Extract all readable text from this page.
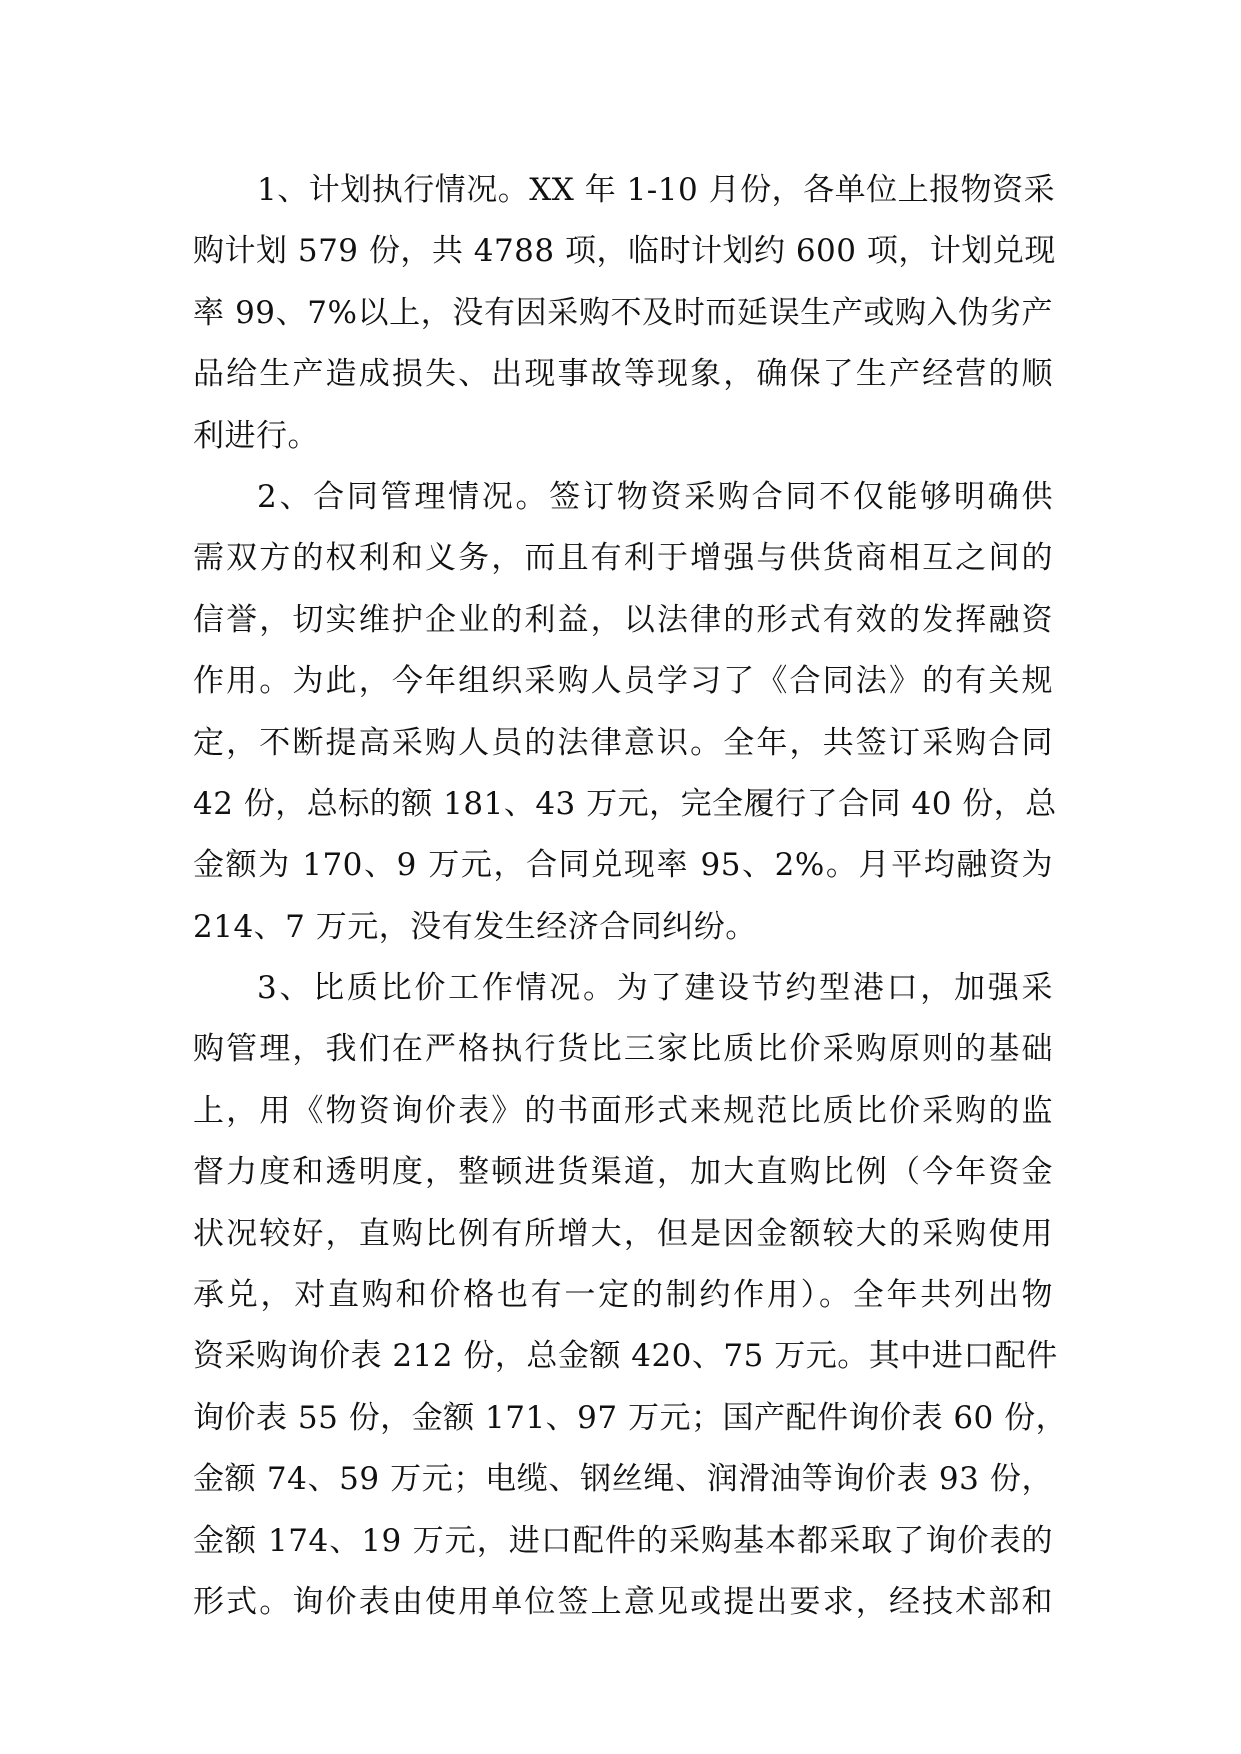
1、计划执行情况。XX 年 1-10 月份，各单位上报物资采
购计划 579 份，共 4788 项，临时计划约 600 项，计划兑现
率 99、7%以上，没有因采购不及时而延误生产或购入伪劣产
品给生产造成损失、出现事故等现象，确保了生产经营的顺
利进行。
2、合同管理情况。签订物资采购合同不仅能够明确供
需双方的权利和义务，而且有利于增强与供货商相互之间的
信誉，切实维护企业的利益，以法律的形式有效的发挥融资
作用。为此，今年组织采购人员学习了《合同法》的有关规
定，不断提高采购人员的法律意识。全年，共签订采购合同
42 份，总标的额 181、43 万元，完全履行了合同 40 份，总
金额为 170、9 万元，合同兑现率 95、2%。月平均融资为
214、7 万元，没有发生经济合同纠纷。
3、比质比价工作情况。为了建设节约型港口，加强采
购管理，我们在严格执行货比三家比质比价采购原则的基础
上，用《物资询价表》的书面形式来规范比质比价采购的监
督力度和透明度，整顿进货渠道，加大直购比例（今年资金
状况较好，直购比例有所增大，但是因金额较大的采购使用
承兑，对直购和价格也有一定的制约作用）。全年共列出物
资采购询价表 212 份，总金额 420、75 万元。其中进口配件
询价表 55 份，金额 171、97 万元；国产配件询价表 60 份，
金额 74、59 万元；电缆、钢丝绳、润滑油等询价表 93 份，
金额 174、19 万元，进口配件的采购基本都采取了询价表的
形式。询价表由使用单位签上意见或提出要求，经技术部和
